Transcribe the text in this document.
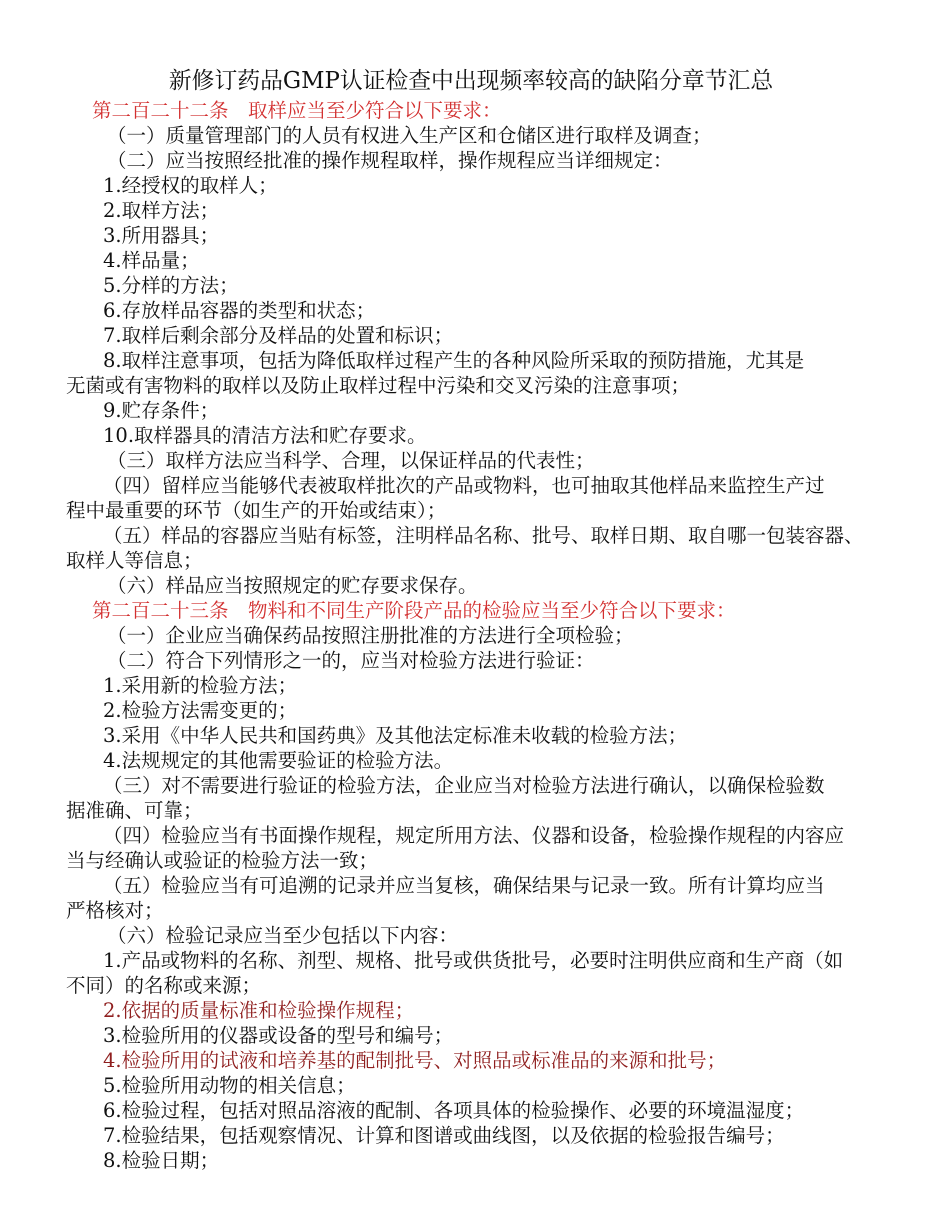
新修订药品GMP认证检查中出现频率较高的缺陷分章节汇总
第二百二十二条　取样应当至少符合以下要求：
（一）质量管理部门的人员有权进入生产区和仓储区进行取样及调查；
（二）应当按照经批准的操作规程取样，操作规程应当详细规定：
1.经授权的取样人；
2.取样方法；
3.所用器具；
4.样品量；
5.分样的方法；
6.存放样品容器的类型和状态；
7.取样后剩余部分及样品的处置和标识；
8.取样注意事项，包括为降低取样过程产生的各种风险所采取的预防措施，尤其是
无菌或有害物料的取样以及防止取样过程中污染和交叉污染的注意事项；
9.贮存条件；
10.取样器具的清洁方法和贮存要求。
（三）取样方法应当科学、合理，以保证样品的代表性；
（四）留样应当能够代表被取样批次的产品或物料，也可抽取其他样品来监控生产过
程中最重要的环节（如生产的开始或结束）；
（五）样品的容器应当贴有标签，注明样品名称、批号、取样日期、取自哪一包装容器、
取样人等信息；
（六）样品应当按照规定的贮存要求保存。
第二百二十三条　物料和不同生产阶段产品的检验应当至少符合以下要求：
（一）企业应当确保药品按照注册批准的方法进行全项检验；
（二）符合下列情形之一的，应当对检验方法进行验证：
1.采用新的检验方法；
2.检验方法需变更的；
3.采用《中华人民共和国药典》及其他法定标准未收载的检验方法；
4.法规规定的其他需要验证的检验方法。
（三）对不需要进行验证的检验方法，企业应当对检验方法进行确认，以确保检验数
据准确、可靠；
（四）检验应当有书面操作规程，规定所用方法、仪器和设备，检验操作规程的内容应
当与经确认或验证的检验方法一致；
（五）检验应当有可追溯的记录并应当复核，确保结果与记录一致。所有计算均应当
严格核对；
（六）检验记录应当至少包括以下内容：
1.产品或物料的名称、剂型、规格、批号或供货批号，必要时注明供应商和生产商（如
不同）的名称或来源；
2.依据的质量标准和检验操作规程；
3.检验所用的仪器或设备的型号和编号；
4.检验所用的试液和培养基的配制批号、对照品或标准品的来源和批号；
5.检验所用动物的相关信息；
6.检验过程，包括对照品溶液的配制、各项具体的检验操作、必要的环境温湿度；
7.检验结果，包括观察情况、计算和图谱或曲线图，以及依据的检验报告编号；
8.检验日期；
